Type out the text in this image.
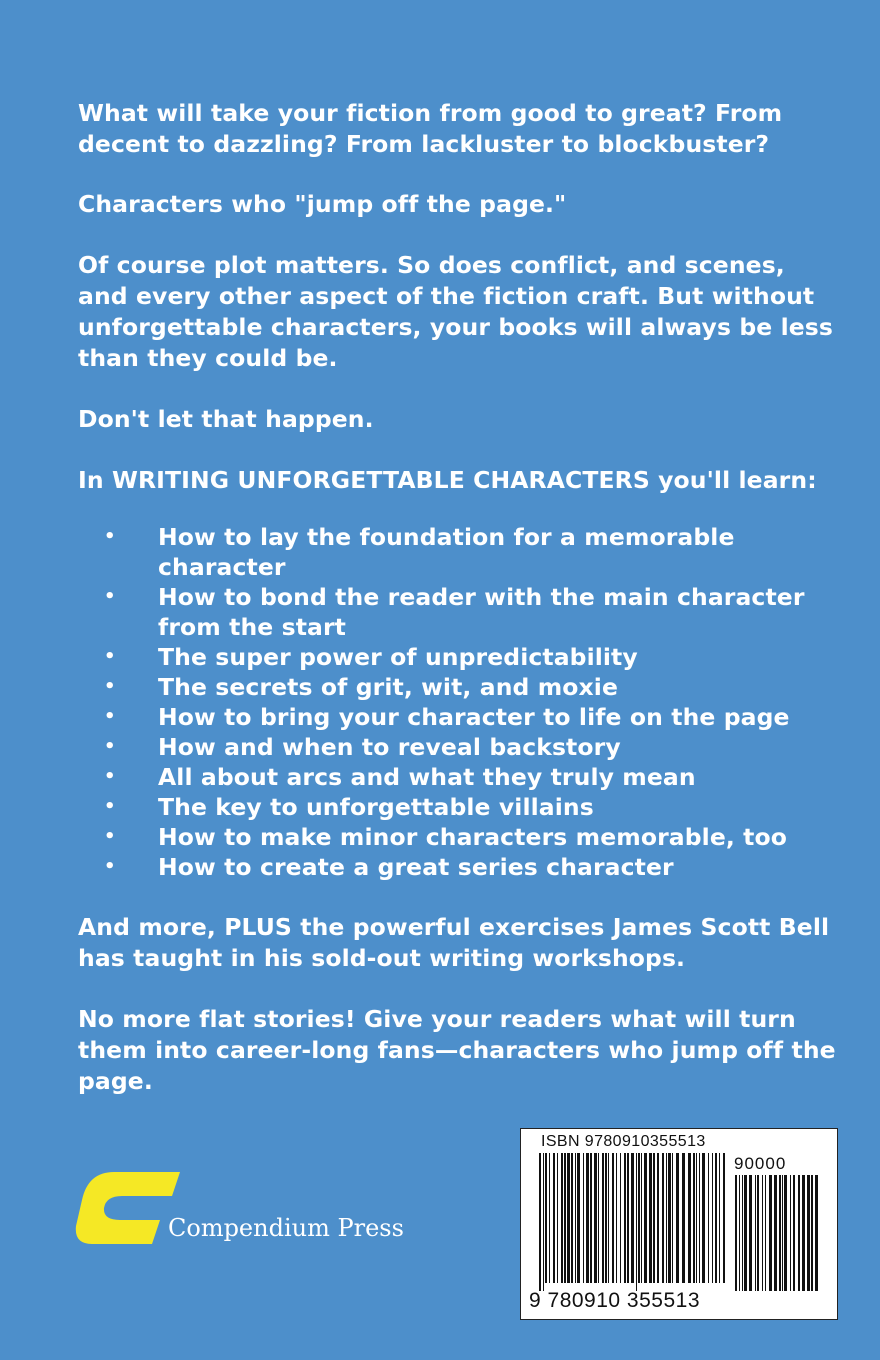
What will take your fiction from good to great? From decent to dazzling? From lackluster to blockbuster?

Characters who "jump off the page."

Of course plot matters. So does conflict, and scenes, and every other aspect of the fiction craft. But without unforgettable characters, your books will always be less than they could be.

Don't let that happen.

In WRITING UNFORGETTABLE CHARACTERS you'll learn:

• How to lay the foundation for a memorable character
• How to bond the reader with the main character from the start
• The super power of unpredictability
• The secrets of grit, wit, and moxie
• How to bring your character to life on the page
• How and when to reveal backstory
• All about arcs and what they truly mean
• The key to unforgettable villains
• How to make minor characters memorable, too
• How to create a great series character

And more, PLUS the powerful exercises James Scott Bell has taught in his sold-out writing workshops.

No more flat stories! Give your readers what will turn them into career-long fans—characters who jump off the page.

Compendium Press
ISBN 9780910355513
90000
9 780910 355513
